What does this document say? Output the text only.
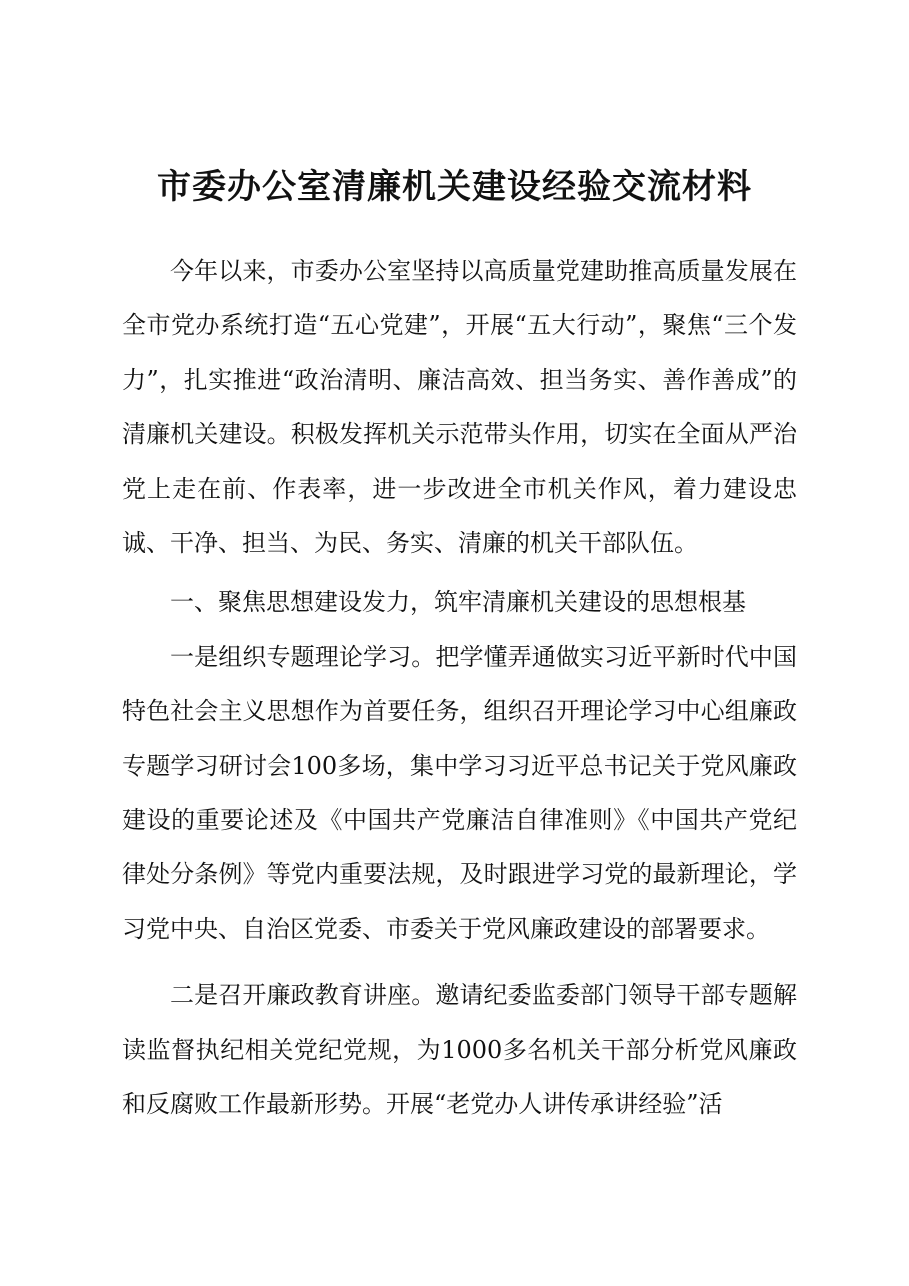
市委办公室清廉机关建设经验交流材料

今年以来，市委办公室坚持以高质量党建助推高质量发展在全市党办系统打造“五心党建”，开展“五大行动”，聚焦“三个发力”，扎实推进“政治清明、廉洁高效、担当务实、善作善成”的清廉机关建设。积极发挥机关示范带头作用，切实在全面从严治党上走在前、作表率，进一步改进全市机关作风，着力建设忠诚、干净、担当、为民、务实、清廉的机关干部队伍。

一、聚焦思想建设发力，筑牢清廉机关建设的思想根基

一是组织专题理论学习。把学懂弄通做实习近平新时代中国特色社会主义思想作为首要任务，组织召开理论学习中心组廉政专题学习研讨会100多场，集中学习习近平总书记关于党风廉政建设的重要论述及《中国共产党廉洁自律准则》《中国共产党纪律处分条例》等党内重要法规，及时跟进学习党的最新理论，学习党中央、自治区党委、市委关于党风廉政建设的部署要求。

二是召开廉政教育讲座。邀请纪委监委部门领导干部专题解读监督执纪相关党纪党规，为1000多名机关干部分析党风廉政和反腐败工作最新形势。开展“老党办人讲传承讲经验”活
